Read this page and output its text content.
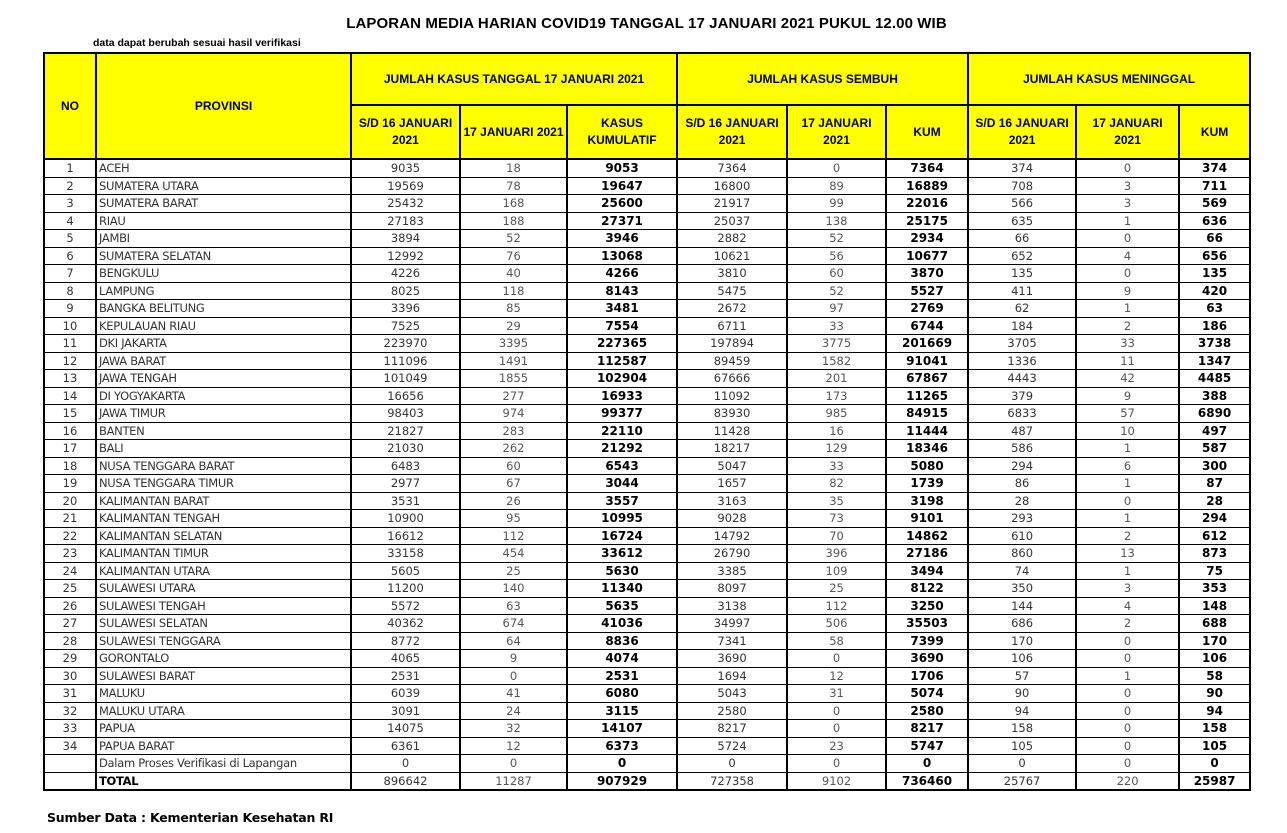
LAPORAN MEDIA HARIAN COVID19 TANGGAL 17 JANUARI 2021 PUKUL 12.00 WIB
data dapat berubah sesuai hasil verifikasi
NO	PROVINSI	JUMLAH KASUS TANGGAL 17 JANUARI 2021			JUMLAH KASUS SEMBUH			JUMLAH KASUS MENINGGAL		
		S/D 16 JANUARI 2021	17 JANUARI 2021	KASUS KUMULATIF	S/D 16 JANUARI 2021	17 JANUARI 2021	KUM	S/D 16 JANUARI 2021	17 JANUARI 2021	KUM
1	ACEH	9035	18	9053	7364	0	7364	374	0	374
2	SUMATERA UTARA	19569	78	19647	16800	89	16889	708	3	711
3	SUMATERA BARAT	25432	168	25600	21917	99	22016	566	3	569
4	RIAU	27183	188	27371	25037	138	25175	635	1	636
5	JAMBI	3894	52	3946	2882	52	2934	66	0	66
6	SUMATERA SELATAN	12992	76	13068	10621	56	10677	652	4	656
7	BENGKULU	4226	40	4266	3810	60	3870	135	0	135
8	LAMPUNG	8025	118	8143	5475	52	5527	411	9	420
9	BANGKA BELITUNG	3396	85	3481	2672	97	2769	62	1	63
10	KEPULAUAN RIAU	7525	29	7554	6711	33	6744	184	2	186
11	DKI JAKARTA	223970	3395	227365	197894	3775	201669	3705	33	3738
12	JAWA BARAT	111096	1491	112587	89459	1582	91041	1336	11	1347
13	JAWA TENGAH	101049	1855	102904	67666	201	67867	4443	42	4485
14	DI YOGYAKARTA	16656	277	16933	11092	173	11265	379	9	388
15	JAWA TIMUR	98403	974	99377	83930	985	84915	6833	57	6890
16	BANTEN	21827	283	22110	11428	16	11444	487	10	497
17	BALI	21030	262	21292	18217	129	18346	586	1	587
18	NUSA TENGGARA BARAT	6483	60	6543	5047	33	5080	294	6	300
19	NUSA TENGGARA TIMUR	2977	67	3044	1657	82	1739	86	1	87
20	KALIMANTAN BARAT	3531	26	3557	3163	35	3198	28	0	28
21	KALIMANTAN TENGAH	10900	95	10995	9028	73	9101	293	1	294
22	KALIMANTAN SELATAN	16612	112	16724	14792	70	14862	610	2	612
23	KALIMANTAN TIMUR	33158	454	33612	26790	396	27186	860	13	873
24	KALIMANTAN UTARA	5605	25	5630	3385	109	3494	74	1	75
25	SULAWESI UTARA	11200	140	11340	8097	25	8122	350	3	353
26	SULAWESI TENGAH	5572	63	5635	3138	112	3250	144	4	148
27	SULAWESI SELATAN	40362	674	41036	34997	506	35503	686	2	688
28	SULAWESI TENGGARA	8772	64	8836	7341	58	7399	170	0	170
29	GORONTALO	4065	9	4074	3690	0	3690	106	0	106
30	SULAWESI BARAT	2531	0	2531	1694	12	1706	57	1	58
31	MALUKU	6039	41	6080	5043	31	5074	90	0	90
32	MALUKU UTARA	3091	24	3115	2580	0	2580	94	0	94
33	PAPUA	14075	32	14107	8217	0	8217	158	0	158
34	PAPUA BARAT	6361	12	6373	5724	23	5747	105	0	105
	Dalam Proses Verifikasi di Lapangan	0	0	0	0	0	0	0	0	0
	TOTAL	896642	11287	907929	727358	9102	736460	25767	220	25987
Sumber Data : Kementerian Kesehatan RI
